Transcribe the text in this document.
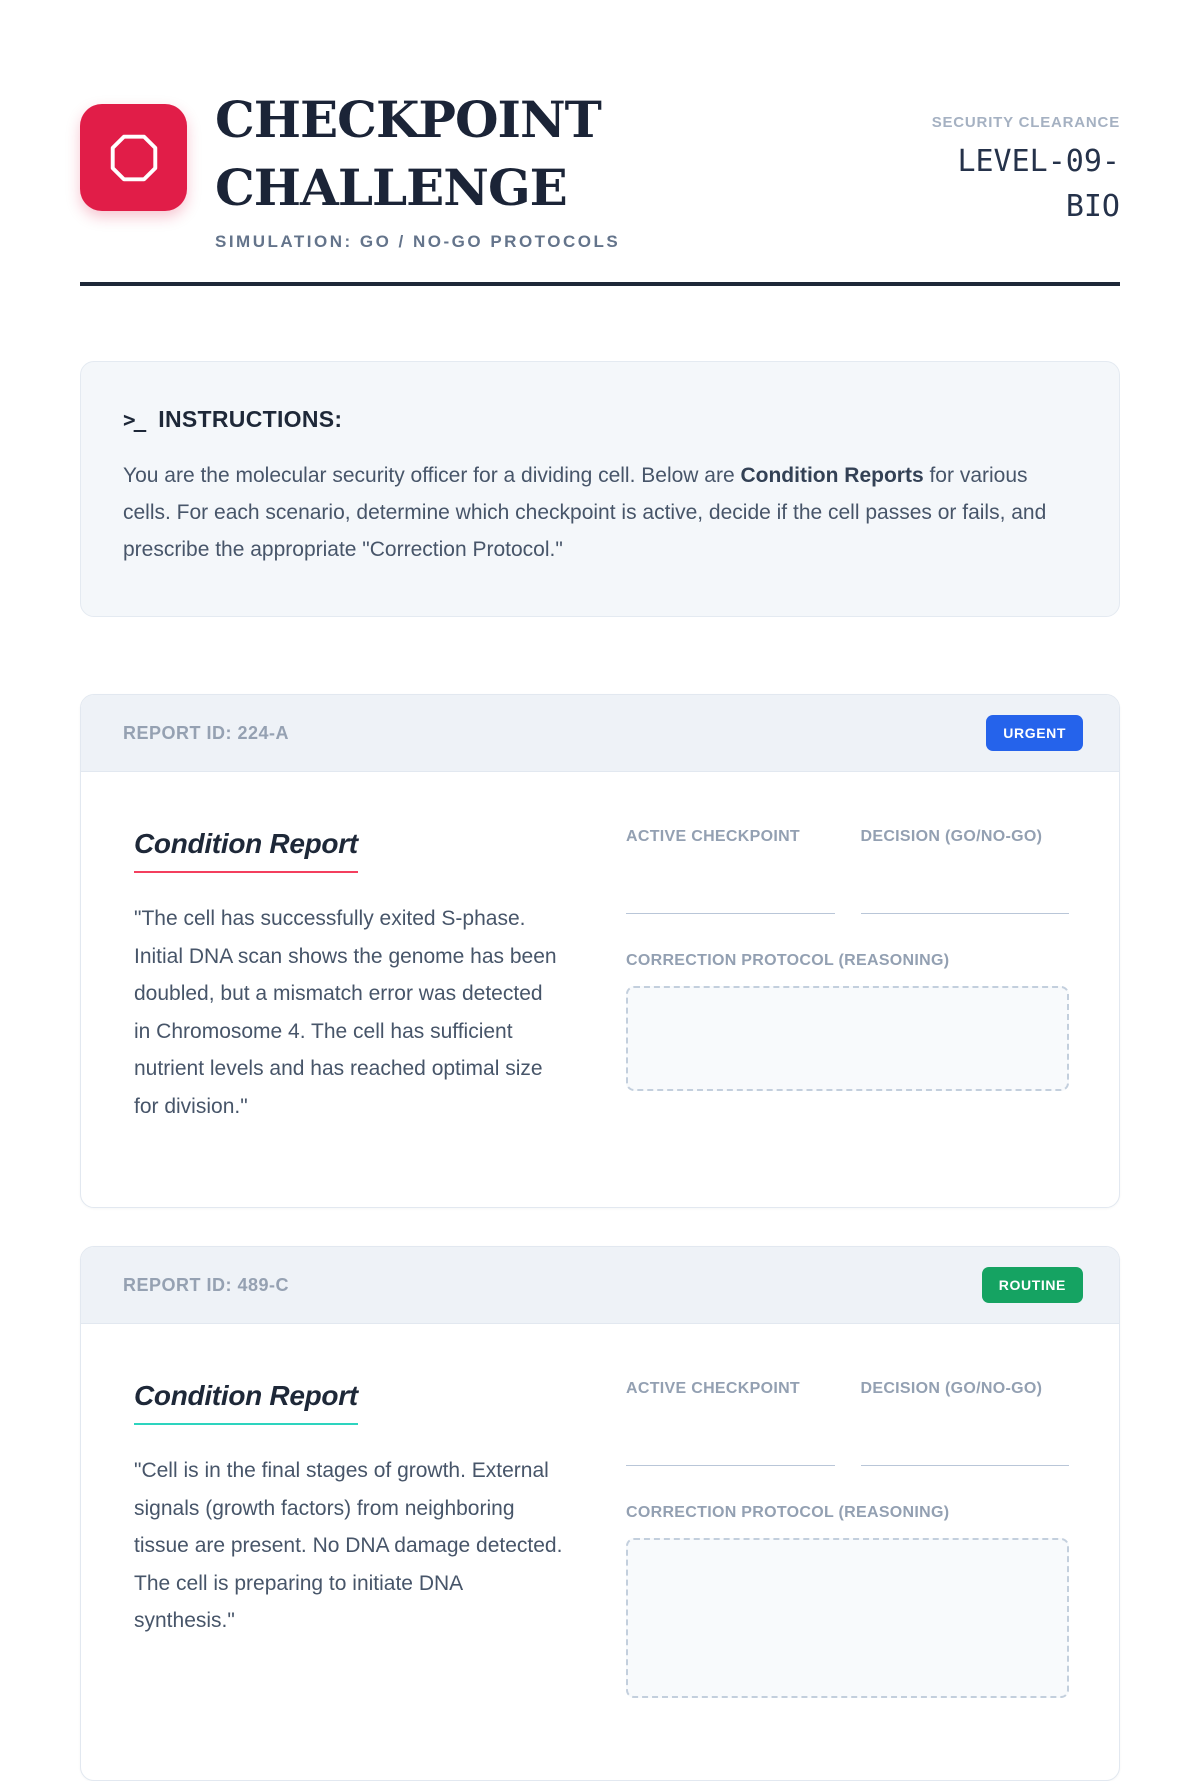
CHECKPOINT
CHALLENGE
SIMULATION: GO / NO-GO PROTOCOLS
SECURITY CLEARANCE
LEVEL-09-BIO
>_ INSTRUCTIONS:

You are the molecular security officer for a dividing cell. Below are Condition Reports for various cells. For each scenario, determine which checkpoint is active, decide if the cell passes or fails, and prescribe the appropriate "Correction Protocol."

REPORT ID: 224-A	URGENT
Condition Report

"The cell has successfully exited S-phase. Initial DNA scan shows the genome has been doubled, but a mismatch error was detected in Chromosome 4. The cell has sufficient nutrient levels and has reached optimal size for division."

ACTIVE CHECKPOINT	DECISION (GO/NO-GO)
CORRECTION PROTOCOL (REASONING)
REPORT ID: 489-C	ROUTINE
Condition Report

"Cell is in the final stages of growth. External signals (growth factors) from neighboring tissue are present. No DNA damage detected. The cell is preparing to initiate DNA synthesis."

ACTIVE CHECKPOINT	DECISION (GO/NO-GO)
CORRECTION PROTOCOL (REASONING)
